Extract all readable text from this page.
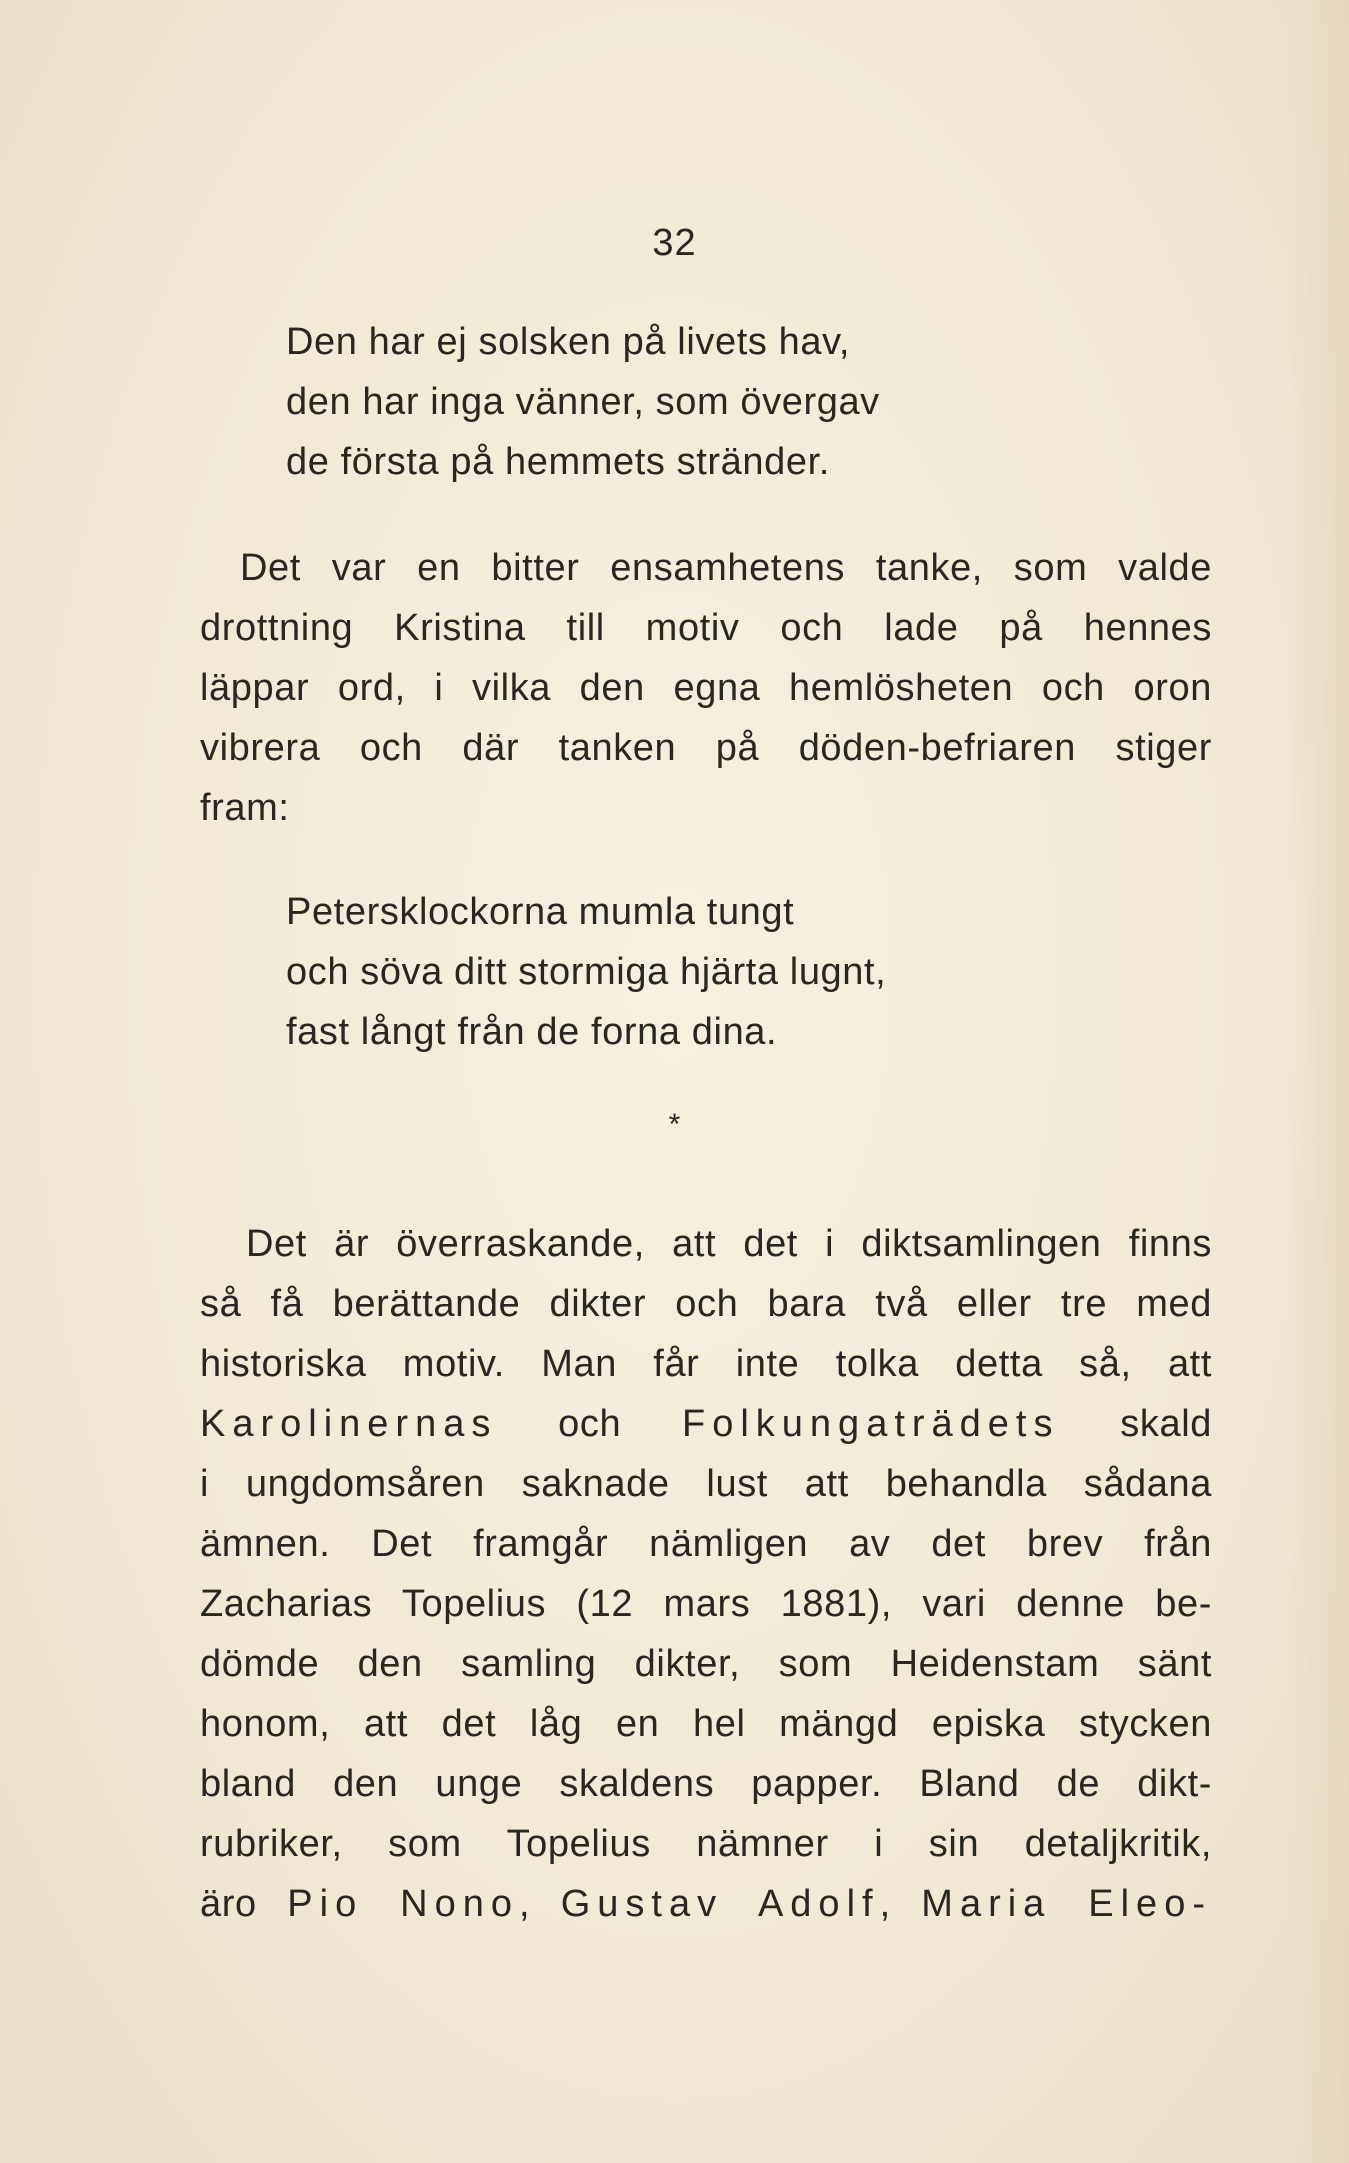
32
Den har ej solsken på livets hav,
den har inga vänner, som övergav
de första på hemmets stränder.
Det var en bitter ensamhetens tanke, som valde
drottning Kristina till motiv och lade på hennes
läppar ord, i vilka den egna hemlösheten och oron
vibrera och där tanken på döden-befriaren stiger
fram:
Petersklockorna mumla tungt
och söva ditt stormiga hjärta lugnt,
fast långt från de forna dina.
*
Det är överraskande, att det i diktsamlingen finns
så få berättande dikter och bara två eller tre med
historiska motiv. Man får inte tolka detta så, att
Karolinernas och Folkungaträdets skald
i ungdomsåren saknade lust att behandla sådana
ämnen. Det framgår nämligen av det brev från
Zacharias Topelius (12 mars 1881), vari denne be-
dömde den samling dikter, som Heidenstam sänt
honom, att det låg en hel mängd episka stycken
bland den unge skaldens papper. Bland de dikt-
rubriker, som Topelius nämner i sin detaljkritik,
äro Pio Nono, Gustav Adolf, Maria Eleo-
